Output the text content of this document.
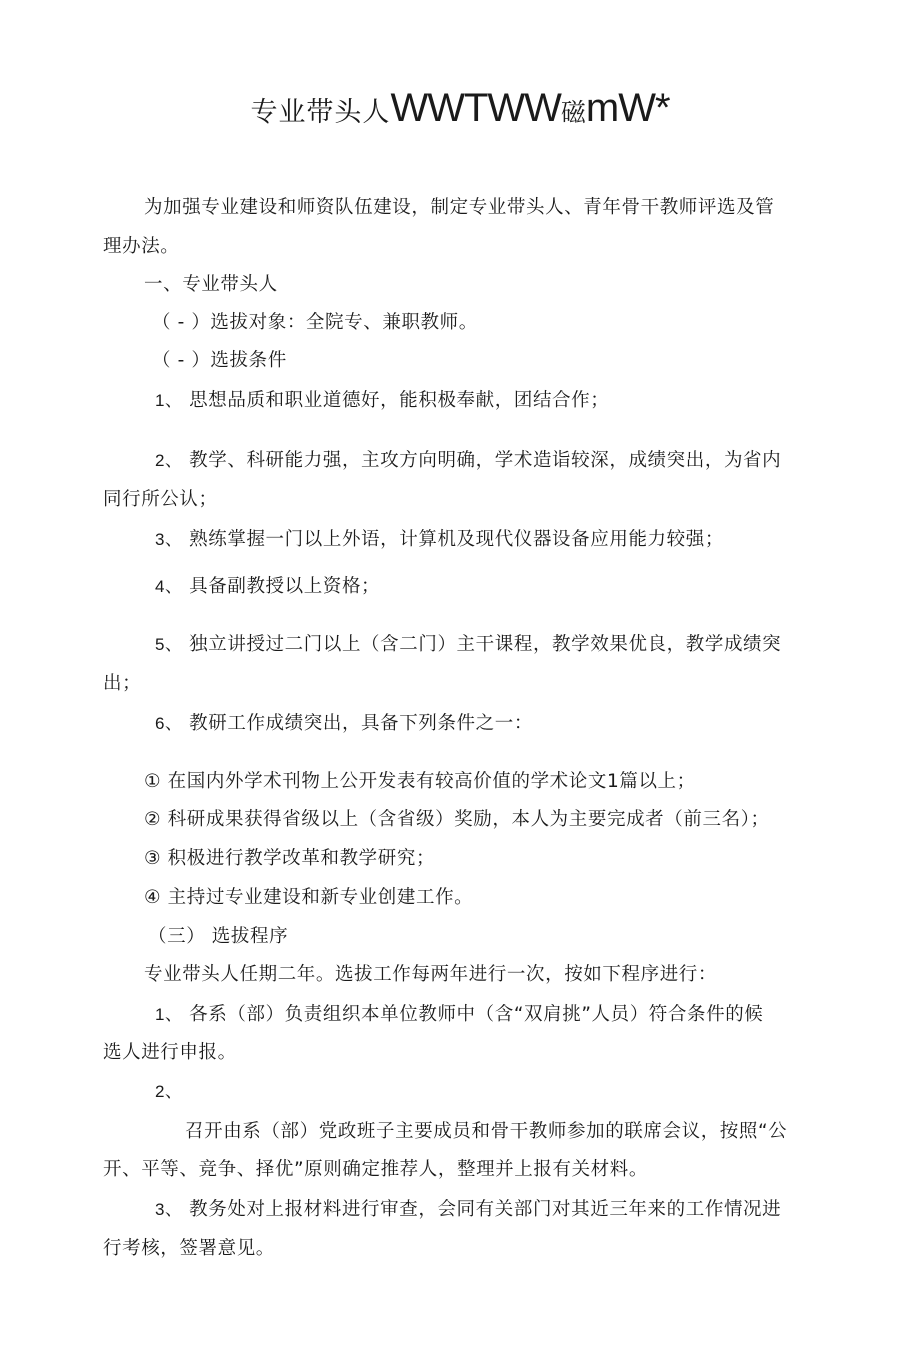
专业带头人WWTWW磁mW*
为加强专业建设和师资队伍建设，制定专业带头人、青年骨干教师评选及管
理办法。
一、专业带头人
（ - ）选拔对象：全院专、兼职教师。
（ - ）选拔条件
1、 思想品质和职业道德好，能积极奉献，团结合作；
2、 教学、科研能力强，主攻方向明确，学术造诣较深，成绩突出，为省内
同行所公认；
3、 熟练掌握一门以上外语，计算机及现代仪器设备应用能力较强；
4、 具备副教授以上资格；
5、 独立讲授过二门以上（含二门）主干课程，教学效果优良，教学成绩突
出；
6、 教研工作成绩突出，具备下列条件之一：
① 在国内外学术刊物上公开发表有较高价值的学术论文1篇以上；
② 科研成果获得省级以上（含省级）奖励，本人为主要完成者（前三名）；
③ 积极进行教学改革和教学研究；
④ 主持过专业建设和新专业创建工作。
（三） 选拔程序
专业带头人任期二年。选拔工作每两年进行一次，按如下程序进行：
1、 各系（部）负责组织本单位教师中（含“双肩挑”人员）符合条件的候
选人进行申报。
2、
召开由系（部）党政班子主要成员和骨干教师参加的联席会议，按照“公
开、平等、竞争、择优”原则确定推荐人，整理并上报有关材料。
3、 教务处对上报材料进行审查，会同有关部门对其近三年来的工作情况进
行考核，签署意见。
